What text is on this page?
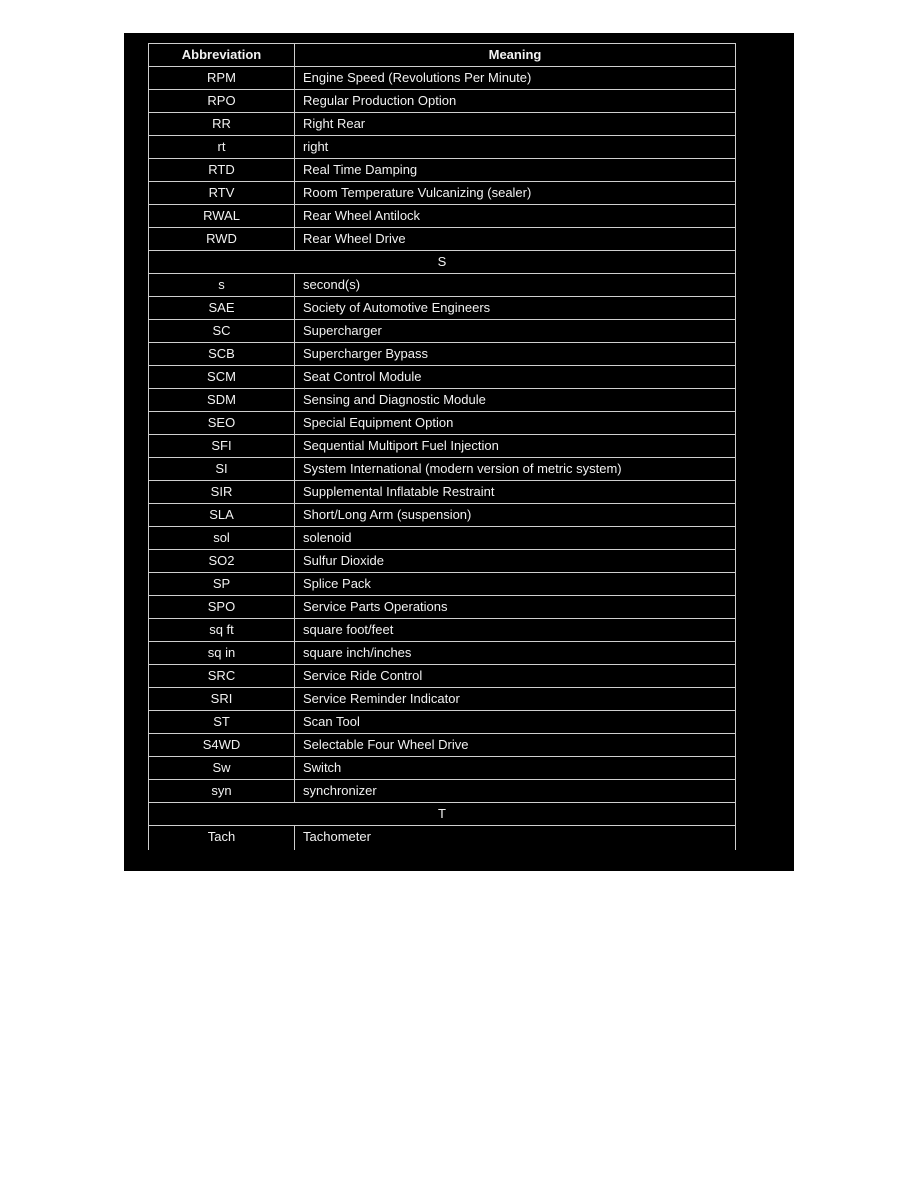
Abbreviation	Meaning
RPM	Engine Speed (Revolutions Per Minute)
RPO	Regular Production Option
RR	Right Rear
rt	right
RTD	Real Time Damping
RTV	Room Temperature Vulcanizing (sealer)
RWAL	Rear Wheel Antilock
RWD	Rear Wheel Drive
S
s	second(s)
SAE	Society of Automotive Engineers
SC	Supercharger
SCB	Supercharger Bypass
SCM	Seat Control Module
SDM	Sensing and Diagnostic Module
SEO	Special Equipment Option
SFI	Sequential Multiport Fuel Injection
SI	System International (modern version of metric system)
SIR	Supplemental Inflatable Restraint
SLA	Short/Long Arm (suspension)
sol	solenoid
SO2	Sulfur Dioxide
SP	Splice Pack
SPO	Service Parts Operations
sq ft	square foot/feet
sq in	square inch/inches
SRC	Service Ride Control
SRI	Service Reminder Indicator
ST	Scan Tool
S4WD	Selectable Four Wheel Drive
Sw	Switch
syn	synchronizer
T
Tach	Tachometer
